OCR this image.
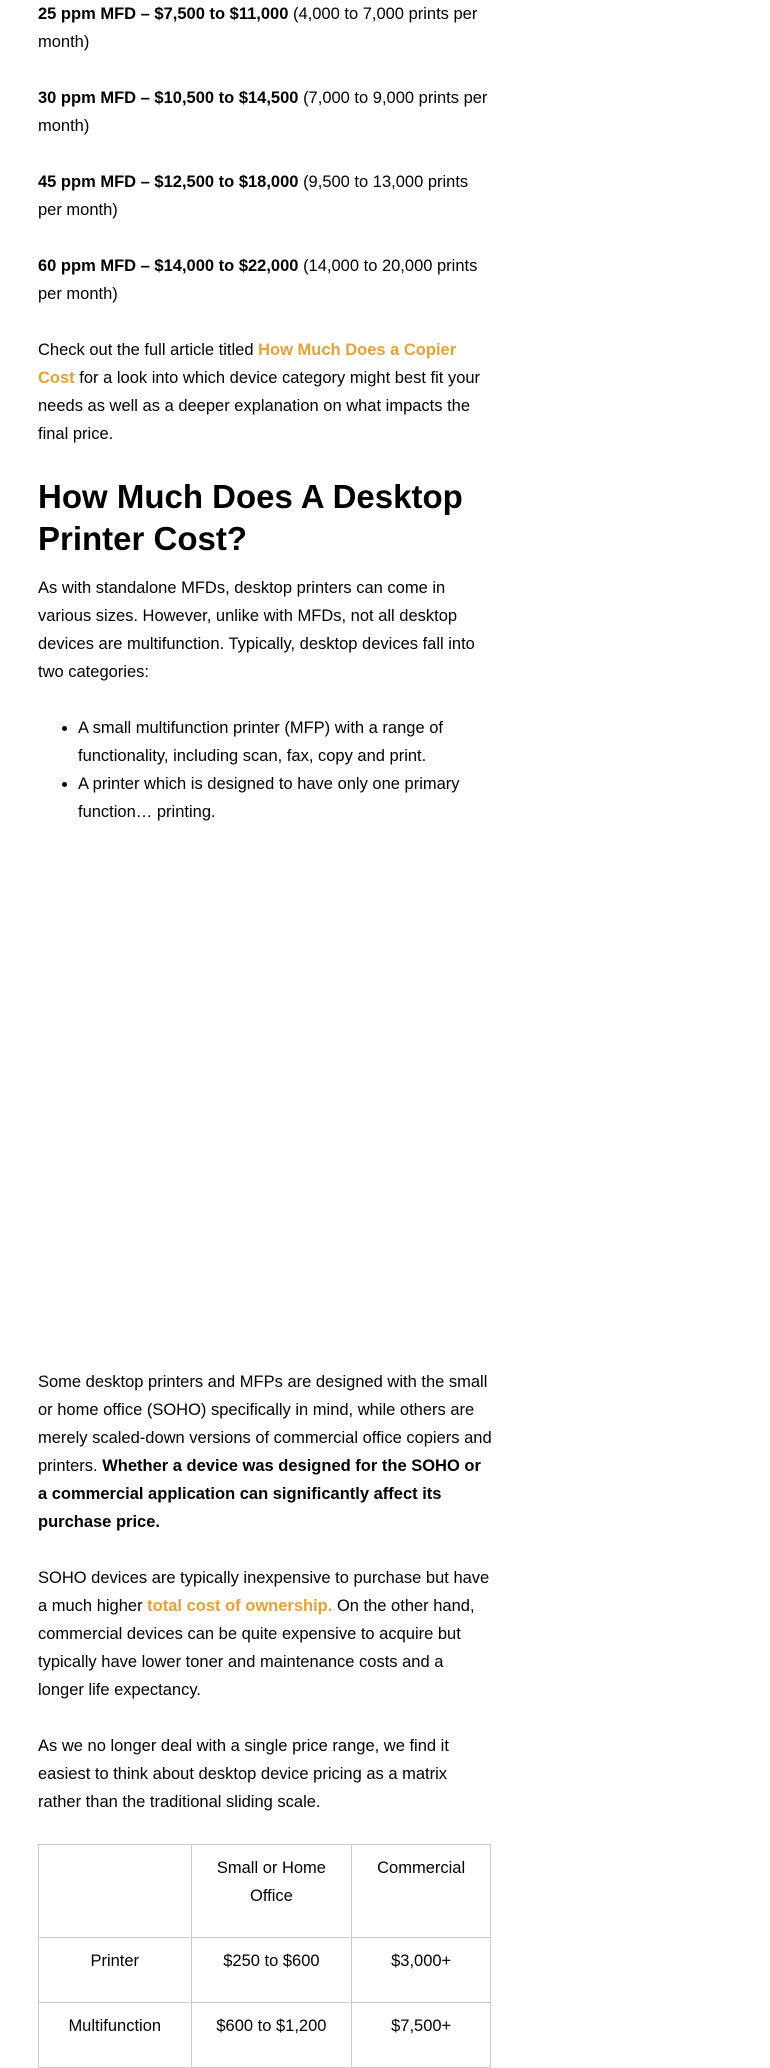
25 ppm MFD – $7,500 to $11,000 (4,000 to 7,000 prints per month)

30 ppm MFD – $10,500 to $14,500 (7,000 to 9,000 prints per month)

45 ppm MFD – $12,500 to $18,000 (9,500 to 13,000 prints per month)

60 ppm MFD – $14,000 to $22,000 (14,000 to 20,000 prints per month)

Check out the full article titled How Much Does a Copier Cost for a look into which device category might best fit your needs as well as a deeper explanation on what impacts the final price.

How Much Does A Desktop Printer Cost?

As with standalone MFDs, desktop printers can come in various sizes. However, unlike with MFDs, not all desktop devices are multifunction. Typically, desktop devices fall into two categories:

• A small multifunction printer (MFP) with a range of functionality, including scan, fax, copy and print.
• A printer which is designed to have only one primary function… printing.

Some desktop printers and MFPs are designed with the small or home office (SOHO) specifically in mind, while others are merely scaled-down versions of commercial office copiers and printers. Whether a device was designed for the SOHO or a commercial application can significantly affect its purchase price.

SOHO devices are typically inexpensive to purchase but have a much higher total cost of ownership. On the other hand, commercial devices can be quite expensive to acquire but typically have lower toner and maintenance costs and a longer life expectancy.

As we no longer deal with a single price range, we find it easiest to think about desktop device pricing as a matrix rather than the traditional sliding scale.

	Small or Home Office	Commercial
Printer	$250 to $600	$3,000+
Multifunction	$600 to $1,200	$7,500+
